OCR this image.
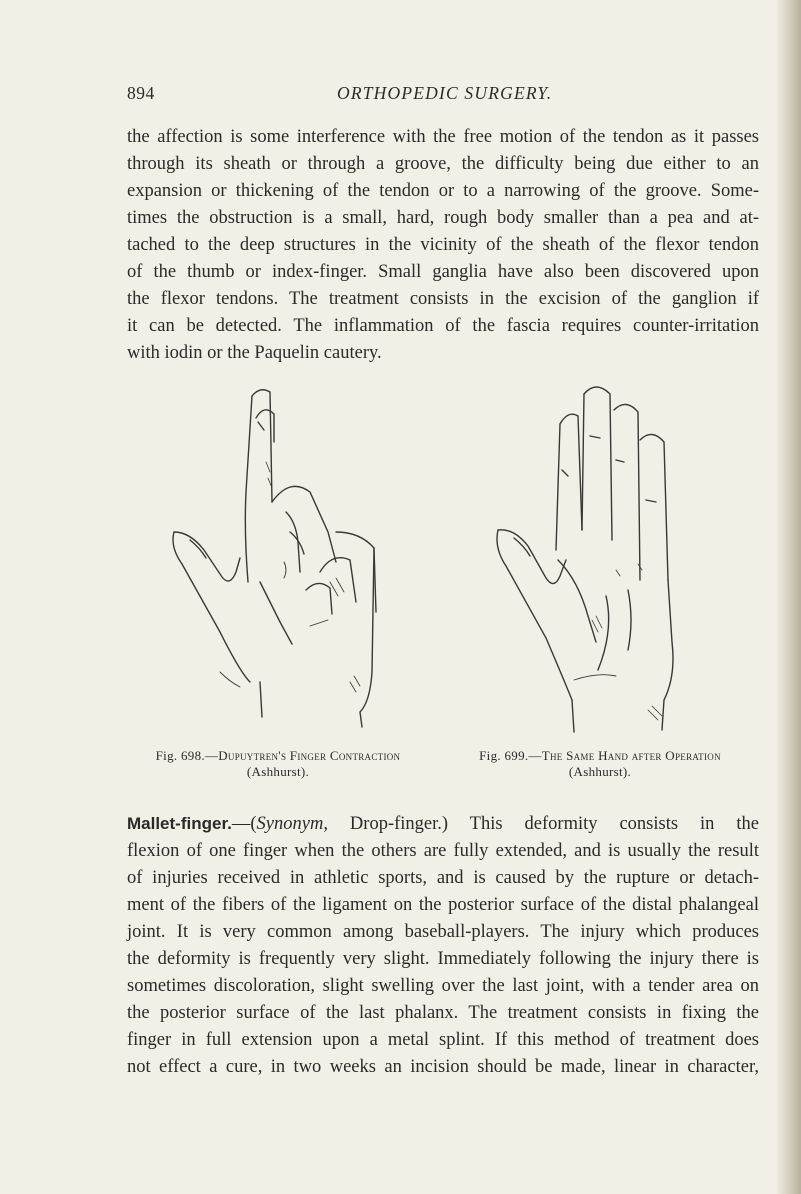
894	ORTHOPEDIC SURGERY.
the affection is some interference with the free motion of the tendon as it passes
through its sheath or through a groove, the difficulty being due either to an
expansion or thickening of the tendon or to a narrowing of the groove. Some-
times the obstruction is a small, hard, rough body smaller than a pea and at-
tached to the deep structures in the vicinity of the sheath of the flexor tendon
of the thumb or index-finger. Small ganglia have also been discovered upon
the flexor tendons. The treatment consists in the excision of the ganglion if
it can be detected. The inflammation of the fascia requires counter-irritation
with iodin or the Paquelin cautery.
Fig. 698.—Dupuytren's Finger Contraction
(Ashhurst).
Fig. 699.—The Same Hand after Operation
(Ashhurst).
Mallet-finger.—(Synonym, Drop-finger.) This deformity consists in the
flexion of one finger when the others are fully extended, and is usually the result
of injuries received in athletic sports, and is caused by the rupture or detach-
ment of the fibers of the ligament on the posterior surface of the distal phalangeal
joint. It is very common among baseball-players. The injury which produces
the deformity is frequently very slight. Immediately following the injury there is
sometimes discoloration, slight swelling over the last joint, with a tender area on
the posterior surface of the last phalanx. The treatment consists in fixing the
finger in full extension upon a metal splint. If this method of treatment does
not effect a cure, in two weeks an incision should be made, linear in character,
